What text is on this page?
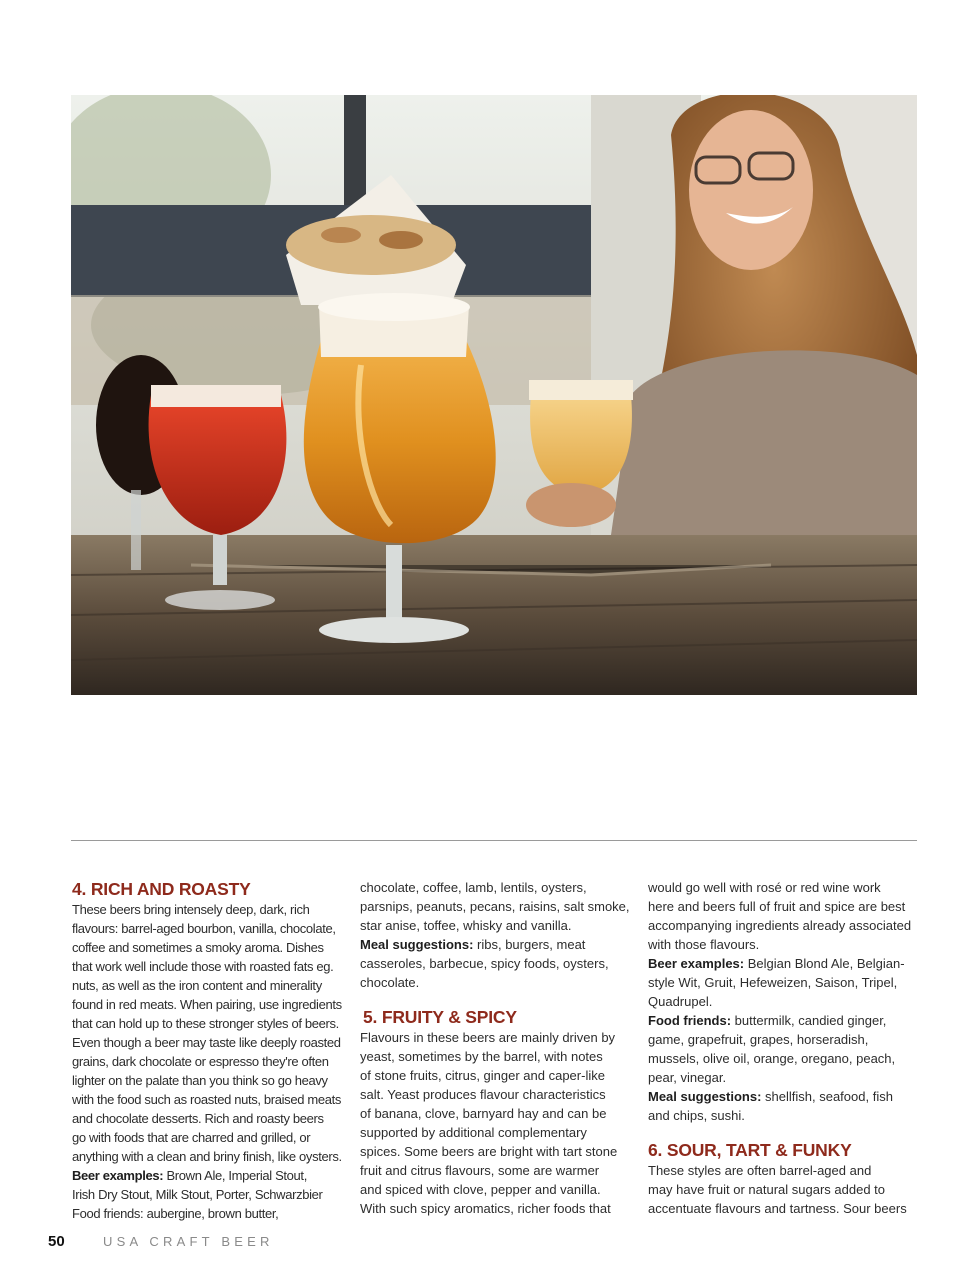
4. RICH AND ROASTY

These beers bring intensely deep, dark, rich

flavours: barrel-aged bourbon, vanilla, chocolate,

coffee and sometimes a smoky aroma. Dishes

that work well include those with roasted fats eg.

nuts, as well as the iron content and minerality

found in red meats. When pairing, use ingredients

that can hold up to these stronger styles of beers.

Even though a beer may taste like deeply roasted

grains, dark chocolate or espresso they're often

lighter on the palate than you think so go heavy

with the food such as roasted nuts, braised meats

and chocolate desserts. Rich and roasty beers

go with foods that are charred and grilled, or

anything with a clean and briny finish, like oysters.

Beer examples: Brown Ale, Imperial Stout,

Irish Dry Stout, Milk Stout, Porter, Schwarzbier

Food friends: aubergine, brown butter,

chocolate, coffee, lamb, lentils, oysters,

parsnips, peanuts, pecans, raisins, salt smoke,

star anise, toffee, whisky and vanilla.

Meal suggestions: ribs, burgers, meat

casseroles, barbecue, spicy foods, oysters,

chocolate.

5. FRUITY & SPICY

Flavours in these beers are mainly driven by

yeast, sometimes by the barrel, with notes

of stone fruits, citrus, ginger and caper-like

salt. Yeast produces flavour characteristics

of banana, clove, barnyard hay and can be

supported by additional complementary

spices. Some beers are bright with tart stone

fruit and citrus flavours, some are warmer

and spiced with clove, pepper and vanilla.

With such spicy aromatics, richer foods that

would go well with rosé or red wine work

here and beers full of fruit and spice are best

accompanying ingredients already associated

with those flavours.

Beer examples: Belgian Blond Ale, Belgian-

style Wit, Gruit, Hefeweizen, Saison, Tripel,

Quadrupel.

Food friends: buttermilk, candied ginger,

game, grapefruit, grapes, horseradish,

mussels, olive oil, orange, oregano, peach,

pear, vinegar.

Meal suggestions: shellfish, seafood, fish

and chips, sushi.

6. SOUR, TART & FUNKY

These styles are often barrel-aged and

may have fruit or natural sugars added to

accentuate flavours and tartness. Sour beers

50	USA CRAFT BEER
